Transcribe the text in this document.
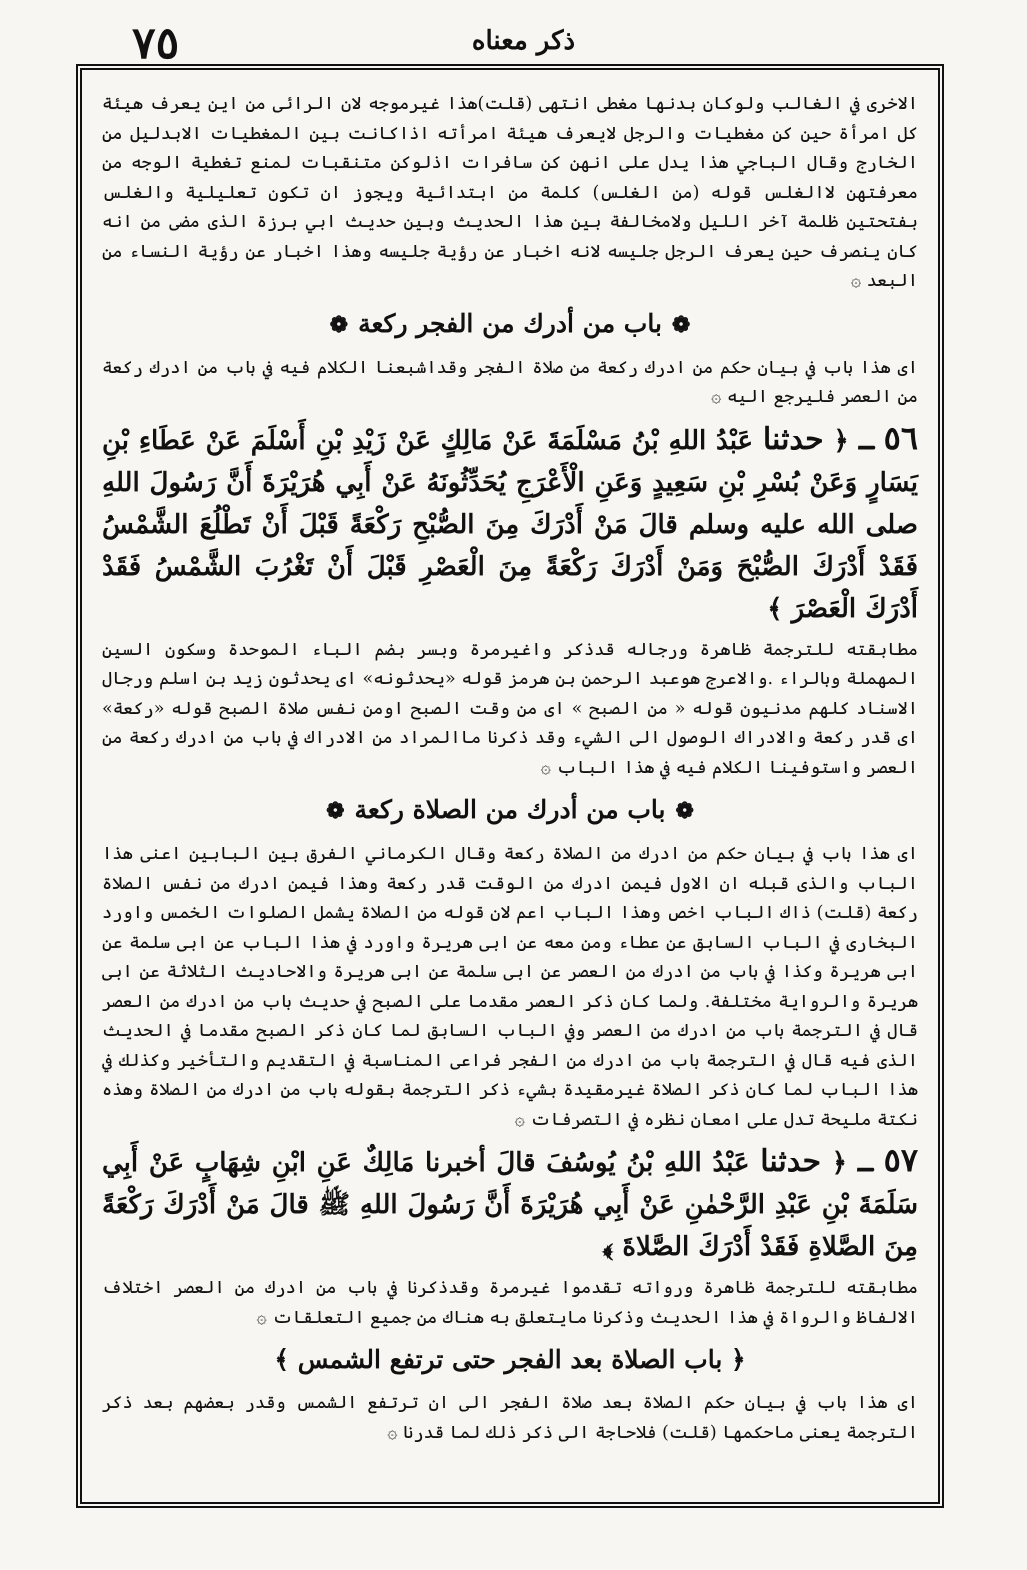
٧٥	ذكر معناه

الاخرى في الغالب ولوكان بدنها مغطى انتهى (قلت)هذا غيرموجه لان الرائى من اين يعرف هيئة كل امرأة حين كن مغطيات والرجل لايعرف هيئة امرأته اذاكانت بين المغطيات الابدليل من الخارج وقال الباجي هذا يدل على انهن كن سافرات اذلوكن متنقبات لمنع تغطية الوجه من معرفتهن لاالغلس قوله (من الغلس) كلمة من ابتدائية ويجوز ان تكون تعليلية والغلس بفتحتين ظلمة آخر الليل ولامخالفة بين هذا الحديث وبين حديث ابي برزة الذى مضى من انه كان ينصرف حين يعرف الرجل جليسه لانه اخبار عن رؤية جليسه وهذا اخبار عن رؤية النساء من البعد ۞

❁باب من أدرك من الفجر ركعة❁

اى هذا باب في بيان حكم من ادرك ركعة من صلاة الفجر وقداشبعنا الكلام فيه في باب من ادرك ركعة من العصر فليرجع اليه ۞

٥٦ ـ ﴿ حدثنا عَبْدُ اللهِ بْنُ مَسْلَمَةَ عَنْ مَالِكٍ عَنْ زَيْدِ بْنِ أَسْلَمَ عَنْ عَطَاءِ بْنِ يَسَارٍ وَعَنْ بُسْرِ بْنِ سَعِيدٍ وَعَنِ الْأَعْرَجِ يُحَدِّثُونَهُ عَنْ أَبِي هُرَيْرَةَ أَنَّ رَسُولَ اللهِ صلى الله عليه وسلم قالَ مَنْ أَدْرَكَ مِنَ الصُّبْحِ رَكْعَةً قَبْلَ أَنْ تَطْلُعَ الشَّمْسُ فَقَدْ أَدْرَكَ الصُّبْحَ وَمَنْ أَدْرَكَ رَكْعَةً مِنَ الْعَصْرِ قَبْلَ أَنْ تَغْرُبَ الشَّمْسُ فَقَدْ أَدْرَكَ الْعَصْرَ ﴾

مطابقته للترجمة ظاهرة ورجاله قدذكر واغيرمرة وبسر بضم الباء الموحدة وسكون السين المهملة وبالراء .والاعرج هوعبد الرحمن بن هرمز قوله «يحدثونه» اى يحدثون زيد بن اسلم ورجال الاسناد كلهم مدنيون قوله « من الصبح » اى من وقت الصبح اومن نفس صلاة الصبح قوله «ركعة» اى قدر ركعة والادراك الوصول الى الشيء وقد ذكرنا ماالمراد من الادراك في باب من ادرك ركعة من العصر واستوفينا الكلام فيه في هذا الباب ۞

❁باب من أدرك من الصلاة ركعة❁

اى هذا باب في بيان حكم من ادرك من الصلاة ركعة وقال الكرماني الفرق بين البابين اعنى هذا الباب والذى قبله ان الاول فيمن ادرك من الوقت قدر ركعة وهذا فيمن ادرك من نفس الصلاة ركعة (قلت) ذاك الباب اخص وهذا الباب اعم لان قوله من الصلاة يشمل الصلوات الخمس واورد البخارى في الباب السابق عن عطاء ومن معه عن ابى هريرة واورد في هذا الباب عن ابى سلمة عن ابى هريرة وكذا في باب من ادرك من العصر عن ابى سلمة عن ابى هريرة والاحاديث الثلاثة عن ابى هريرة والرواية مختلفة. ولما كان ذكر العصر مقدما على الصبح في حديث باب من ادرك من العصر قال في الترجمة باب من ادرك من العصر وفي الباب السابق لما كان ذكر الصبح مقدما في الحديث الذى فيه قال في الترجمة باب من ادرك من الفجر فراعى المناسبة في التقديم والتأخير وكذلك في هذا الباب لما كان ذكر الصلاة غيرمقيدة بشيء ذكر الترجمة بقوله باب من ادرك من الصلاة وهذه نكتة مليحة تدل على امعان نظره في التصرفات ۞

٥٧ ـ ﴿ حدثنا عَبْدُ اللهِ بْنُ يُوسُفَ قالَ أخبرنا مَالِكٌ عَنِ ابْنِ شِهَابٍ عَنْ أَبِي سَلَمَةَ بْنِ عَبْدِ الرَّحْمٰنِ عَنْ أَبِي هُرَيْرَةَ أَنَّ رَسُولَ اللهِ ﷺ قالَ مَنْ أَدْرَكَ رَكْعَةً مِنَ الصَّلاةِ فَقَدْ أَدْرَكَ الصَّلاةَ ﴾

مطابقته للترجمة ظاهرة ورواته تقدموا غيرمرة وقدذكرنا في باب من ادرك من العصر اختلاف الالفاظ والرواة في هذا الحديث وذكرنا مايتعلق به هناك من جميع التعلقات ۞

﴿ باب الصلاة بعد الفجر حتى ترتفع الشمس ﴾

اى هذا باب في بيان حكم الصلاة بعد صلاة الفجر الى ان ترتفع الشمس وقدر بعضهم بعد ذكر الترجمة يعنى ماحكمها (قلت) فلاحاجة الى ذكر ذلك لما قدرنا ۞
